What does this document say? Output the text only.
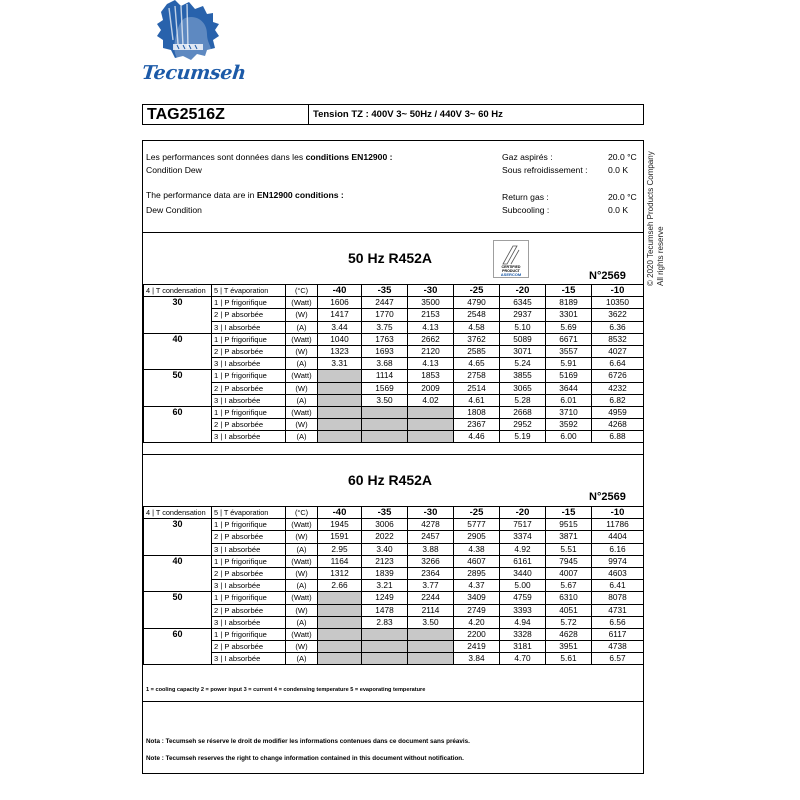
Tecumseh
TAG2516Z	Tension TZ : 400V 3~ 50Hz / 440V 3~ 60 Hz
Les performances sont données dans les conditions EN12900 :
Condition Dew
The performance data are in EN12900 conditions :
Dew Condition
Gaz aspirés :	20.0 °C
Sous refroidissement : 0.0 K
Return gas :	20.0 °C
Subcooling :	0.0 K
50 Hz R452A
CERTIFIED
PRODUCT
ASERCOM	N°2569
4 | T condensation	5 | T évaporation	(°C)	-40	-35	-30	-25	-20	-15	-10
30	1 | P frigorifique	(Watt)	1606	2447	3500	4790	6345	8189	10350
	2 | P absorbée	(W)	1417	1770	2153	2548	2937	3301	3622
	3 | I absorbée	(A)	3.44	3.75	4.13	4.58	5.10	5.69	6.36
40	1 | P frigorifique	(Watt)	1040	1763	2662	3762	5089	6671	8532
	2 | P absorbée	(W)	1323	1693	2120	2585	3071	3557	4027
	3 | I absorbée	(A)	3.31	3.68	4.13	4.65	5.24	5.91	6.64
50	1 | P frigorifique	(Watt)		1114	1853	2758	3855	5169	6726
	2 | P absorbée	(W)		1569	2009	2514	3065	3644	4232
	3 | I absorbée	(A)		3.50	4.02	4.61	5.28	6.01	6.82
60	1 | P frigorifique	(Watt)				1808	2668	3710	4959
	2 | P absorbée	(W)				2367	2952	3592	4268
	3 | I absorbée	(A)				4.46	5.19	6.00	6.88
60 Hz R452A
N°2569
4 | T condensation	5 | T évaporation	(°C)	-40	-35	-30	-25	-20	-15	-10
30	1 | P frigorifique	(Watt)	1945	3006	4278	5777	7517	9515	11786
	2 | P absorbée	(W)	1591	2022	2457	2905	3374	3871	4404
	3 | I absorbée	(A)	2.95	3.40	3.88	4.38	4.92	5.51	6.16
40	1 | P frigorifique	(Watt)	1164	2123	3266	4607	6161	7945	9974
	2 | P absorbée	(W)	1312	1839	2364	2895	3440	4007	4603
	3 | I absorbée	(A)	2.66	3.21	3.77	4.37	5.00	5.67	6.41
50	1 | P frigorifique	(Watt)		1249	2244	3409	4759	6310	8078
	2 | P absorbée	(W)		1478	2114	2749	3393	4051	4731
	3 | I absorbée	(A)		2.83	3.50	4.20	4.94	5.72	6.56
60	1 | P frigorifique	(Watt)				2200	3328	4628	6117
	2 | P absorbée	(W)				2419	3181	3951	4738
	3 | I absorbée	(A)				3.84	4.70	5.61	6.57
1 = cooling capacity 2 = power input 3 = current 4 = condensing temperature 5 = evaporating temperature
Nota : Tecumseh se réserve le droit de modifier les informations contenues dans ce document sans préavis.
Note : Tecumseh reserves the right to change information contained in this document without notification.
© 2020 Tecumseh Products Company All rights reserve
